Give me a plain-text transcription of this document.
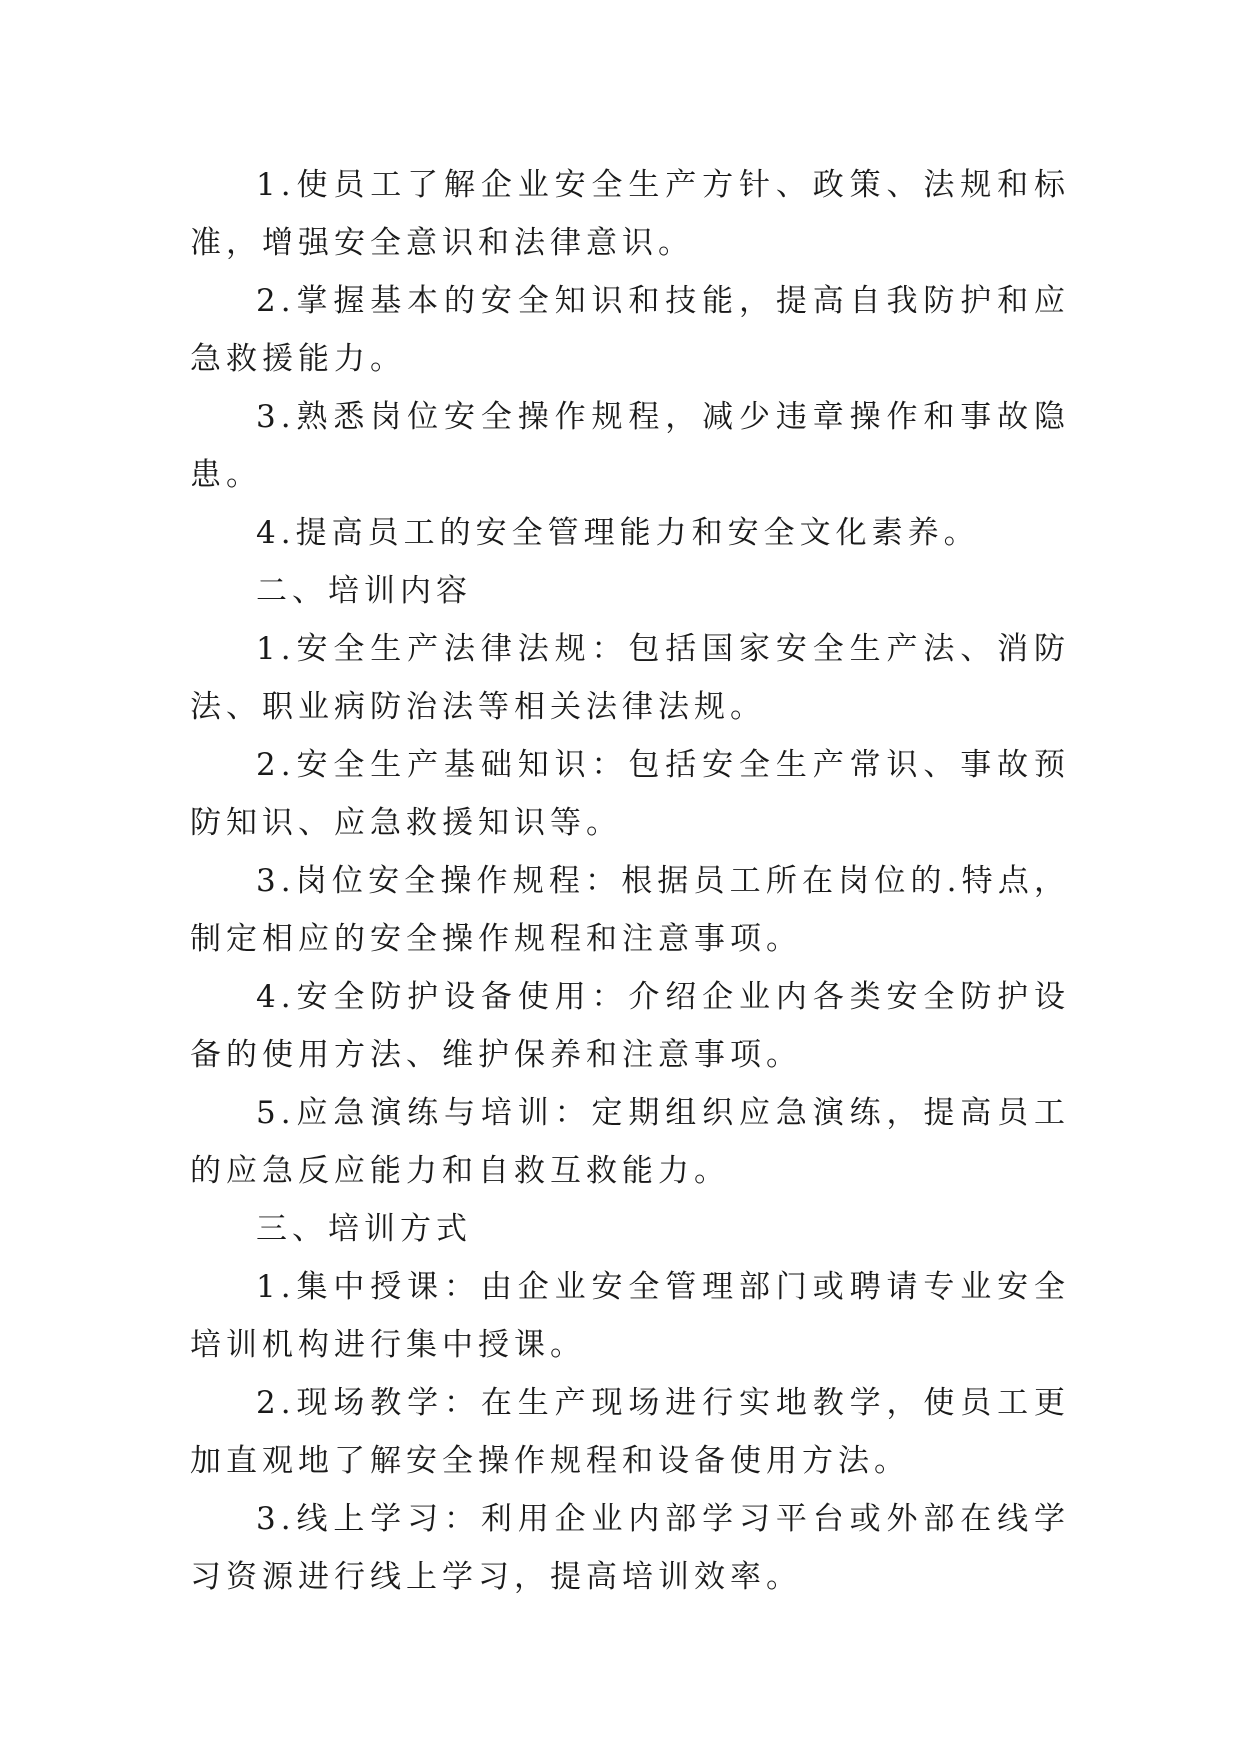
1.使员工了解企业安全生产方针、政策、法规和标准，增强安全意识和法律意识。

2.掌握基本的安全知识和技能，提高自我防护和应急救援能力。

3.熟悉岗位安全操作规程，减少违章操作和事故隐患。

4.提高员工的安全管理能力和安全文化素养。

二、培训内容

1.安全生产法律法规：包括国家安全生产法、消防法、职业病防治法等相关法律法规。

2.安全生产基础知识：包括安全生产常识、事故预防知识、应急救援知识等。

3.岗位安全操作规程：根据员工所在岗位的.特点，制定相应的安全操作规程和注意事项。

4.安全防护设备使用：介绍企业内各类安全防护设备的使用方法、维护保养和注意事项。

5.应急演练与培训：定期组织应急演练，提高员工的应急反应能力和自救互救能力。

三、培训方式

1.集中授课：由企业安全管理部门或聘请专业安全培训机构进行集中授课。

2.现场教学：在生产现场进行实地教学，使员工更加直观地了解安全操作规程和设备使用方法。

3.线上学习：利用企业内部学习平台或外部在线学习资源进行线上学习，提高培训效率。
